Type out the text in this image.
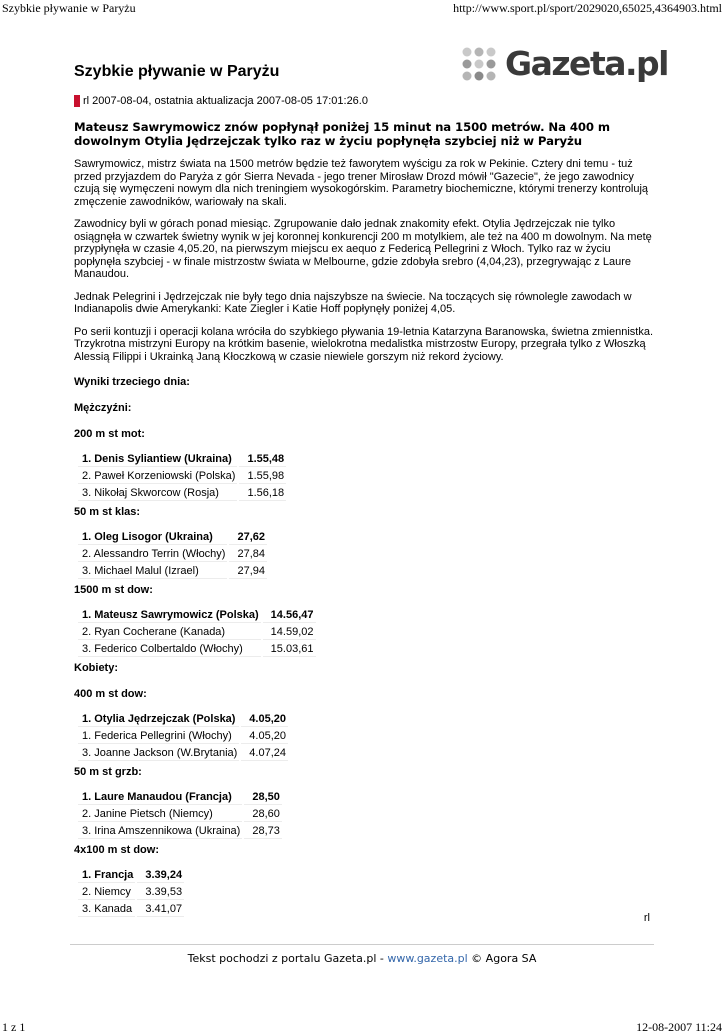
Szybkie pływanie w Paryżu	http://www.sport.pl/sport/2029020,65025,4364903.html
Gazeta.pl
Szybkie pływanie w Paryżu
rl 2007-08-04, ostatnia aktualizacja 2007-08-05 17:01:26.0
Mateusz Sawrymowicz znów popłynął poniżej 15 minut na 1500 metrów. Na 400 m dowolnym Otylia Jędrzejczak tylko raz w życiu popłynęła szybciej niż w Paryżu
Sawrymowicz, mistrz świata na 1500 metrów będzie też faworytem wyścigu za rok w Pekinie. Cztery dni temu - tuż przed przyjazdem do Paryża z gór Sierra Nevada - jego trener Mirosław Drozd mówił "Gazecie", że jego zawodnicy czują się wymęczeni nowym dla nich treningiem wysokogórskim. Parametry biochemiczne, którymi trenerzy kontrolują zmęczenie zawodników, wariowały na skali.
Zawodnicy byli w górach ponad miesiąc. Zgrupowanie dało jednak znakomity efekt. Otylia Jędrzejczak nie tylko osiągnęła w czwartek świetny wynik w jej koronnej konkurencji 200 m motylkiem, ale też na 400 m dowolnym. Na metę przypłynęła w czasie 4,05.20, na pierwszym miejscu ex aequo z Federicą Pellegrini z Włoch. Tylko raz w życiu popłynęła szybciej - w finale mistrzostw świata w Melbourne, gdzie zdobyła srebro (4,04,23), przegrywając z Laure Manaudou.
Jednak Pelegrini i Jędrzejczak nie były tego dnia najszybsze na świecie. Na toczących się równolegle zawodach w Indianapolis dwie Amerykanki: Kate Ziegler i Katie Hoff popłynęły poniżej 4,05.
Po serii kontuzji i operacji kolana wróciła do szybkiego pływania 19-letnia Katarzyna Baranowska, świetna zmiennistka. Trzykrotna mistrzyni Europy na krótkim basenie, wielokrotna medalistka mistrzostw Europy, przegrała tylko z Włoszką Alessią Filippi i Ukrainką Janą Kłoczkową w czasie niewiele gorszym niż rekord życiowy.
Wyniki trzeciego dnia:
Mężczyźni:
200 m st mot:
1. Denis Syliantiew (Ukraina)	1.55,48
2. Paweł Korzeniowski (Polska)	1.55,98
3. Nikołaj Skworcow (Rosja)	1.56,18
50 m st klas:
1. Oleg Lisogor (Ukraina)	27,62
2. Alessandro Terrin (Włochy)	27,84
3. Michael Malul (Izrael)	27,94
1500 m st dow:
1. Mateusz Sawrymowicz (Polska)	14.56,47
2. Ryan Cocherane (Kanada)	14.59,02
3. Federico Colbertaldo (Włochy)	15.03,61
Kobiety:
400 m st dow:
1. Otylia Jędrzejczak (Polska)	4.05,20
1. Federica Pellegrini (Włochy)	4.05,20
3. Joanne Jackson (W.Brytania)	4.07,24
50 m st grzb:
1. Laure Manaudou (Francja)	28,50
2. Janine Pietsch (Niemcy)	28,60
3. Irina Amszennikowa (Ukraina)	28,73
4x100 m st dow:
1. Francja	3.39,24
2. Niemcy	3.39,53
3. Kanada	3.41,07
rl
Tekst pochodzi z portalu Gazeta.pl - www.gazeta.pl © Agora SA
1 z 1	12-08-2007 11:24
